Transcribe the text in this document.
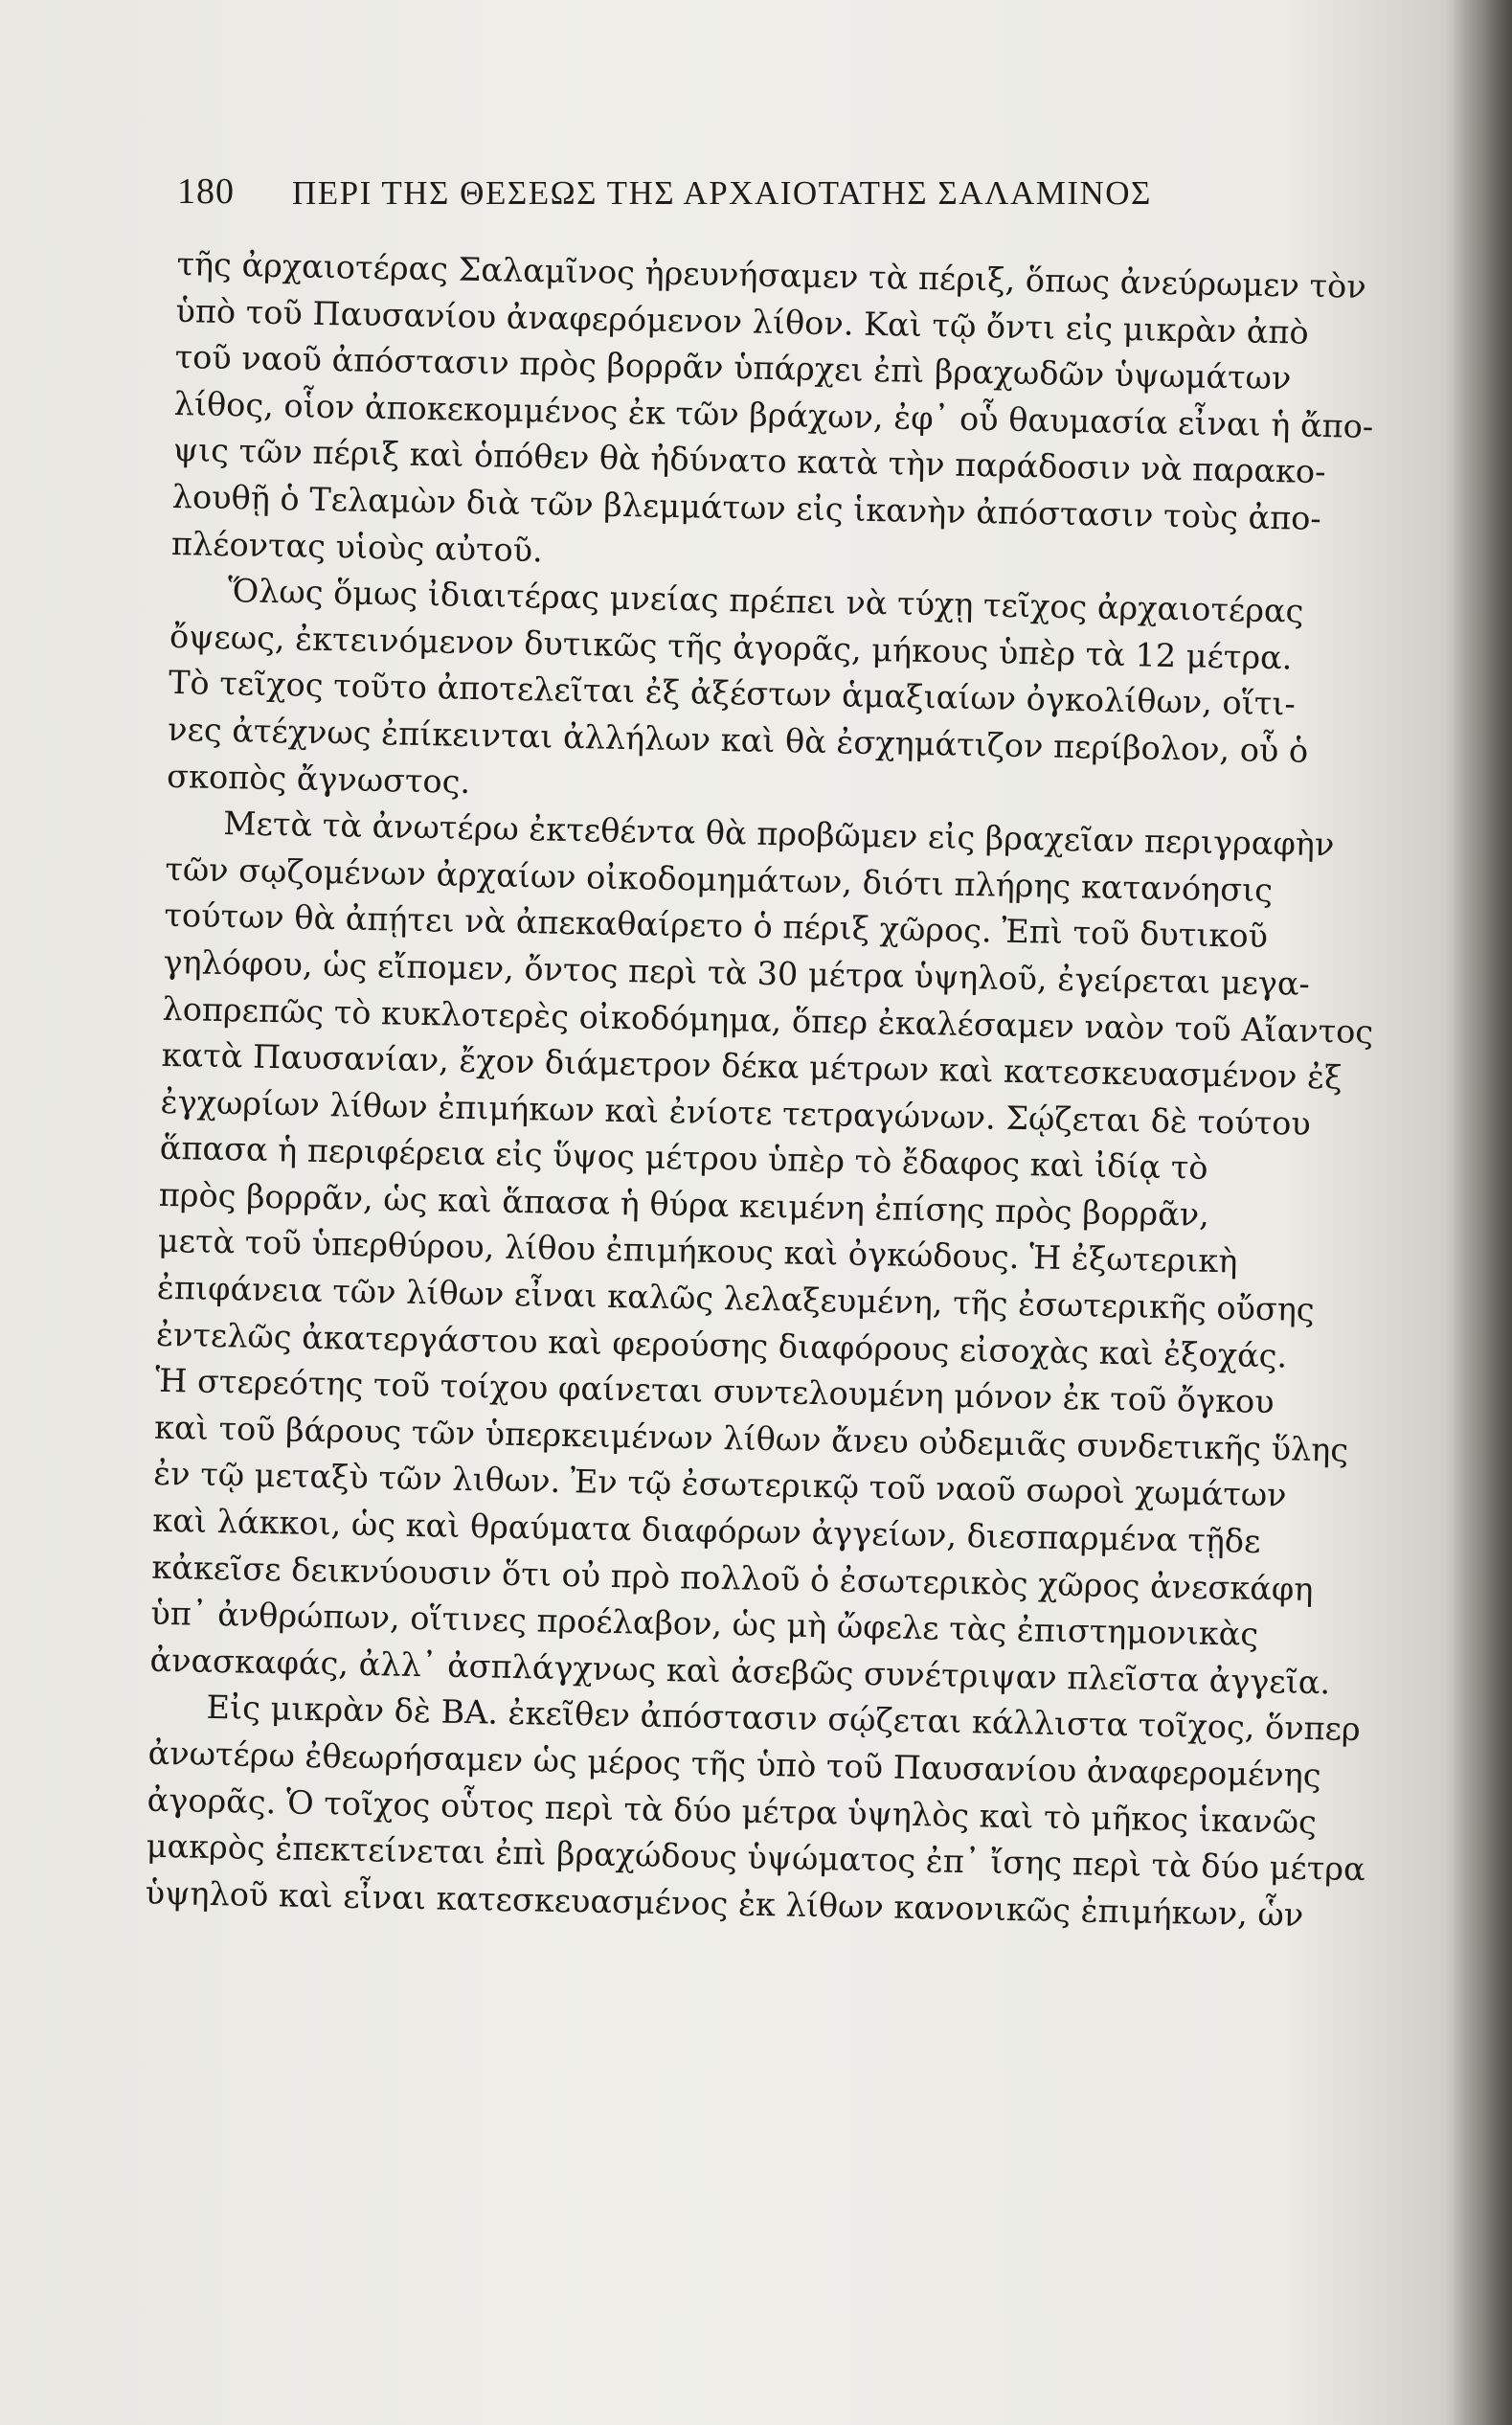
180 ΠΕΡΙ ΤΗΣ ΘΕΣΕΩΣ ΤΗΣ ΑΡΧΑΙΟΤΑΤΗΣ ΣΑΛΑΜΙΝΟΣ
τῆς ἀρχαιοτέρας Σαλαμῖνος ἠρευνήσαμεν τὰ πέριξ, ὅπως ἀνεύρωμεν τὸν
ὑπὸ τοῦ Παυσανίου ἀναφερόμενον λίθον. Καὶ τῷ ὄντι εἰς μικρὰν ἀπὸ
τοῦ ναοῦ ἀπόστασιν πρὸς βορρᾶν ὑπάρχει ἐπὶ βραχωδῶν ὑψωμάτων
λίθος, οἷον ἀποκεκομμένος ἐκ τῶν βράχων, ἐφ᾽ οὗ θαυμασία εἶναι ἡ ἄπο-
ψις τῶν πέριξ καὶ ὁπόθεν θὰ ἠδύνατο κατὰ τὴν παράδοσιν νὰ παρακο-
λουθῇ ὁ Τελαμὼν διὰ τῶν βλεμμάτων εἰς ἱκανὴν ἀπόστασιν τοὺς ἀπο-
πλέοντας υἱοὺς αὐτοῦ.
Ὅλως ὅμως ἰδιαιτέρας μνείας πρέπει νὰ τύχῃ τεῖχος ἀρχαιοτέρας
ὄψεως, ἐκτεινόμενον δυτικῶς τῆς ἀγορᾶς, μήκους ὑπὲρ τὰ 12 μέτρα.
Τὸ τεῖχος τοῦτο ἀποτελεῖται ἐξ ἀξέστων ἁμαξιαίων ὀγκολίθων, οἵτι-
νες ἀτέχνως ἐπίκεινται ἀλλήλων καὶ θὰ ἐσχημάτιζον περίβολον, οὗ ὁ
σκοπὸς ἄγνωστος.
Μετὰ τὰ ἀνωτέρω ἐκτεθέντα θὰ προβῶμεν εἰς βραχεῖαν περιγραφὴν
τῶν σῳζομένων ἀρχαίων οἰκοδομημάτων, διότι πλήρης κατανόησις
τούτων θὰ ἀπῄτει νὰ ἀπεκαθαίρετο ὁ πέριξ χῶρος. Ἐπὶ τοῦ δυτικοῦ
γηλόφου, ὡς εἴπομεν, ὄντος περὶ τὰ 30 μέτρα ὑψηλοῦ, ἐγείρεται μεγα-
λοπρεπῶς τὸ κυκλοτερὲς οἰκοδόμημα, ὅπερ ἐκαλέσαμεν ναὸν τοῦ Αἴαντος
κατὰ Παυσανίαν, ἔχον διάμετρον δέκα μέτρων καὶ κατεσκευασμένον ἐξ
ἐγχωρίων λίθων ἐπιμήκων καὶ ἐνίοτε τετραγώνων. Σῴζεται δὲ τούτου
ἅπασα ἡ περιφέρεια εἰς ὕψος μέτρου ὑπὲρ τὸ ἔδαφος καὶ ἰδίᾳ τὸ
πρὸς βορρᾶν, ὡς καὶ ἅπασα ἡ θύρα κειμένη ἐπίσης πρὸς βορρᾶν,
μετὰ τοῦ ὑπερθύρου, λίθου ἐπιμήκους καὶ ὀγκώδους. Ἡ ἐξωτερικὴ
ἐπιφάνεια τῶν λίθων εἶναι καλῶς λελαξευμένη, τῆς ἐσωτερικῆς οὔσης
ἐντελῶς ἀκατεργάστου καὶ φερούσης διαφόρους εἰσοχὰς καὶ ἐξοχάς.
Ἡ στερεότης τοῦ τοίχου φαίνεται συντελουμένη μόνον ἐκ τοῦ ὄγκου
καὶ τοῦ βάρους τῶν ὑπερκειμένων λίθων ἄνευ οὐδεμιᾶς συνδετικῆς ὕλης
ἐν τῷ μεταξὺ τῶν λιθων. Ἐν τῷ ἐσωτερικῷ τοῦ ναοῦ σωροὶ χωμάτων
καὶ λάκκοι, ὡς καὶ θραύματα διαφόρων ἀγγείων, διεσπαρμένα τῇδε
κἀκεῖσε δεικνύουσιν ὅτι οὐ πρὸ πολλοῦ ὁ ἐσωτερικὸς χῶρος ἀνεσκάφη
ὑπ᾽ ἀνθρώπων, οἵτινες προέλαβον, ὡς μὴ ὤφελε τὰς ἐπιστημονικὰς
ἀνασκαφάς, ἀλλ᾽ ἀσπλάγχνως καὶ ἀσεβῶς συνέτριψαν πλεῖστα ἀγγεῖα.
Εἰς μικρὰν δὲ ΒΑ. ἐκεῖθεν ἀπόστασιν σῴζεται κάλλιστα τοῖχος, ὅνπερ
ἀνωτέρω ἐθεωρήσαμεν ὡς μέρος τῆς ὑπὸ τοῦ Παυσανίου ἀναφερομένης
ἀγορᾶς. Ὁ τοῖχος οὗτος περὶ τὰ δύο μέτρα ὑψηλὸς καὶ τὸ μῆκος ἱκανῶς
μακρὸς ἐπεκτείνεται ἐπὶ βραχώδους ὑψώματος ἐπ᾽ ἴσης περὶ τὰ δύο μέτρα
ὑψηλοῦ καὶ εἶναι κατεσκευασμένος ἐκ λίθων κανονικῶς ἐπιμήκων, ὧν
